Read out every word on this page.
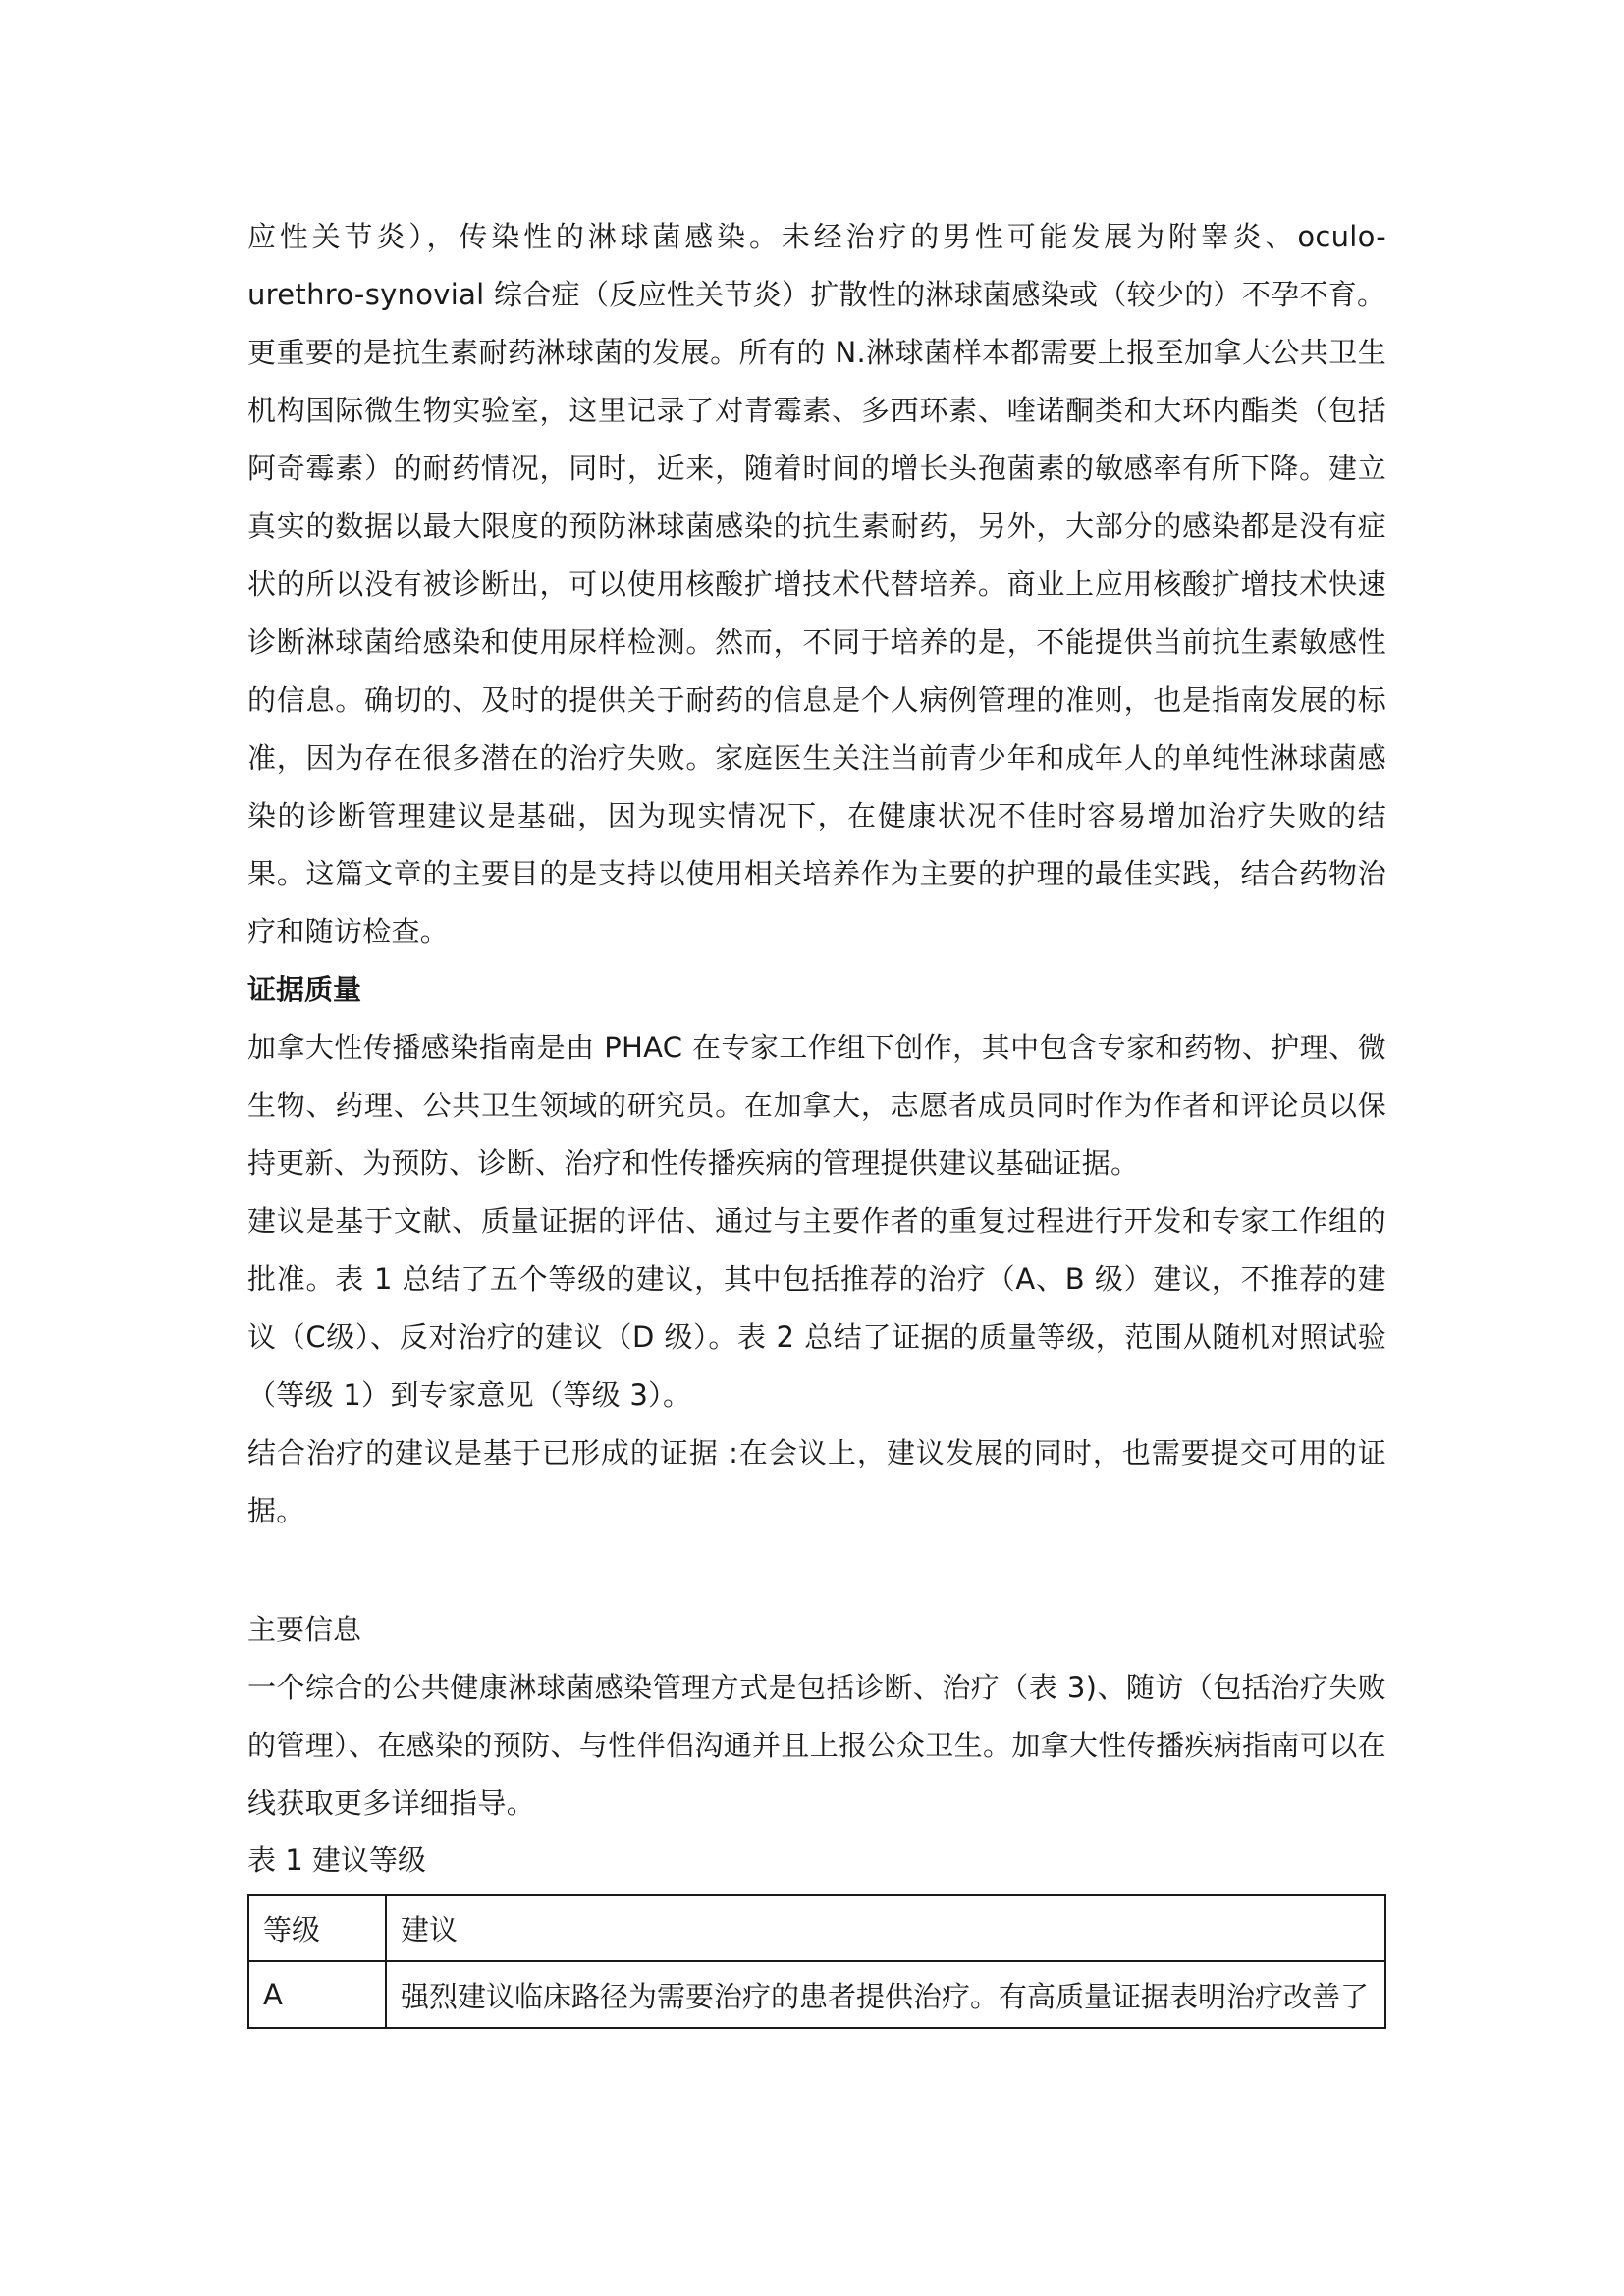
应性关节炎），传染性的淋球菌感染。未经治疗的男性可能发展为附睾炎、oculo-urethro-synovial 综合症（反应性关节炎）扩散性的淋球菌感染或（较少的）不孕不育。

更重要的是抗生素耐药淋球菌的发展。所有的 N.淋球菌样本都需要上报至加拿大公共卫生机构国际微生物实验室，这里记录了对青霉素、多西环素、喹诺酮类和大环内酯类（包括阿奇霉素）的耐药情况，同时，近来，随着时间的增长头孢菌素的敏感率有所下降。建立真实的数据以最大限度的预防淋球菌感染的抗生素耐药，另外，大部分的感染都是没有症状的所以没有被诊断出，可以使用核酸扩增技术代替培养。商业上应用核酸扩增技术快速诊断淋球菌给感染和使用尿样检测。然而，不同于培养的是，不能提供当前抗生素敏感性的信息。确切的、及时的提供关于耐药的信息是个人病例管理的准则，也是指南发展的标准，因为存在很多潜在的治疗失败。家庭医生关注当前青少年和成年人的单纯性淋球菌感染的诊断管理建议是基础，因为现实情况下，在健康状况不佳时容易增加治疗失败的结果。这篇文章的主要目的是支持以使用相关培养作为主要的护理的最佳实践，结合药物治疗和随访检查。

证据质量

加拿大性传播感染指南是由 PHAC 在专家工作组下创作，其中包含专家和药物、护理、微生物、药理、公共卫生领域的研究员。在加拿大，志愿者成员同时作为作者和评论员以保持更新、为预防、诊断、治疗和性传播疾病的管理提供建议基础证据。

建议是基于文献、质量证据的评估、通过与主要作者的重复过程进行开发和专家工作组的批准。表 1 总结了五个等级的建议，其中包括推荐的治疗（A、B 级）建议，不推荐的建议（C级）、反对治疗的建议（D 级）。表 2 总结了证据的质量等级，范围从随机对照试验（等级 1）到专家意见（等级 3）。

结合治疗的建议是基于已形成的证据 :在会议上，建议发展的同时，也需要提交可用的证据。

主要信息

一个综合的公共健康淋球菌感染管理方式是包括诊断、治疗（表 3)、随访（包括治疗失败的管理）、在感染的预防、与性伴侣沟通并且上报公众卫生。加拿大性传播疾病指南可以在线获取更多详细指导。

表 1 建议等级

等级	建议
A	强烈建议临床路径为需要治疗的患者提供治疗。有高质量证据表明治疗改善了
